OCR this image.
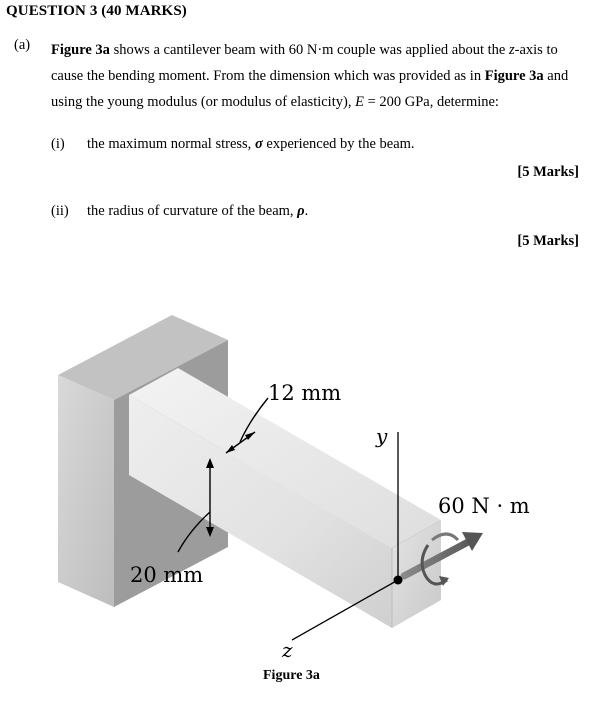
QUESTION 3 (40 MARKS)
(a) Figure 3a shows a cantilever beam with 60 N·m couple was applied about the z-axis to cause the bending moment. From the dimension which was provided as in Figure 3a and using the young modulus (or modulus of elasticity), E = 200 GPa, determine:
(i) the maximum normal stress, σ experienced by the beam.
[5 Marks]
(ii) the radius of curvature of the beam, ρ.
[5 Marks]
12 mm
20 mm
60 N · m
y
z
Figure 3a
